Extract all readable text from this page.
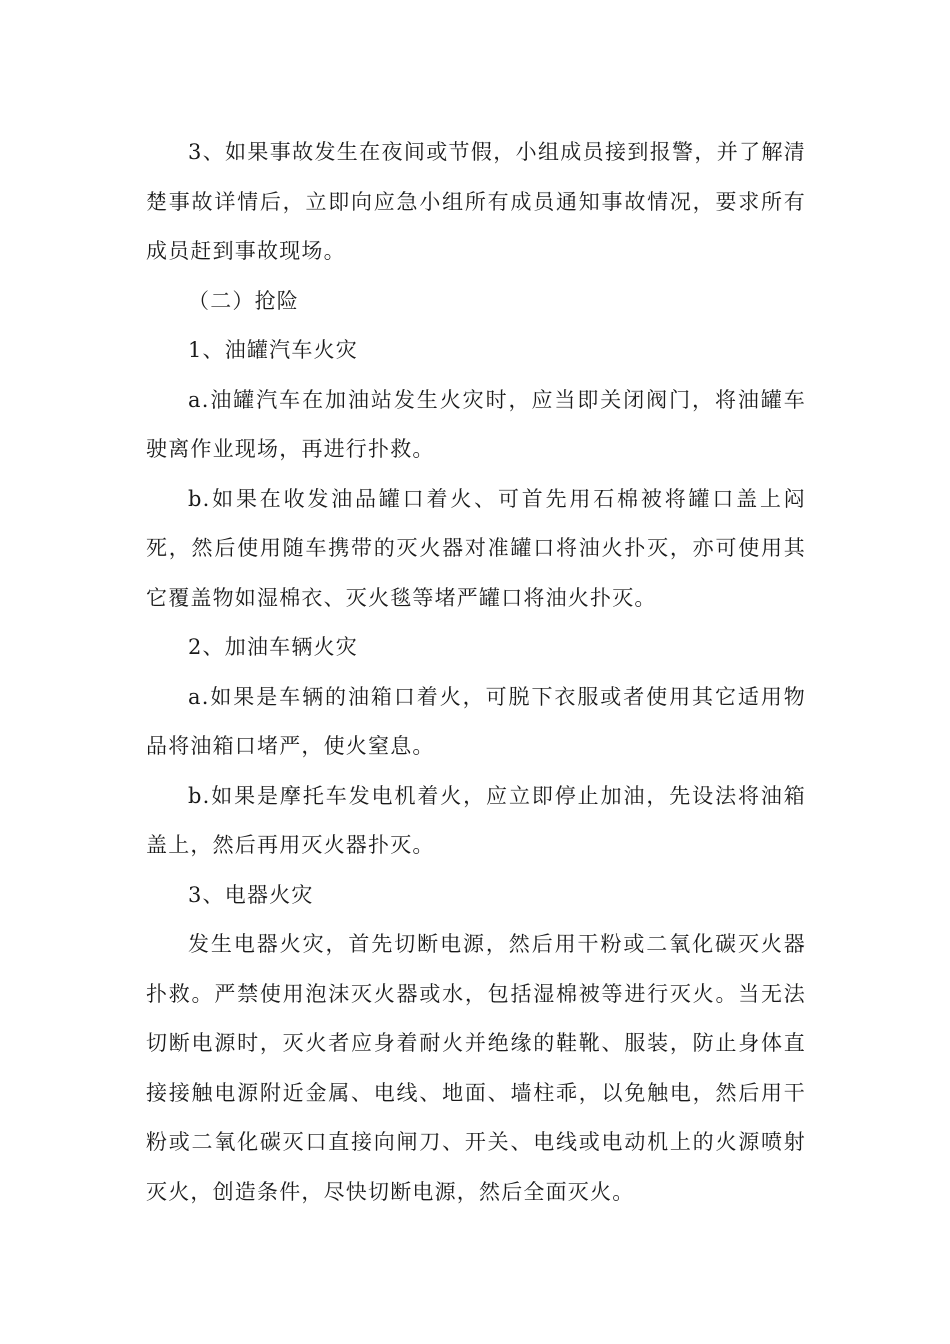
3、如果事故发生在夜间或节假，小组成员接到报警，并了解清楚事故详情后，立即向应急小组所有成员通知事故情况，要求所有成员赶到事故现场。

（二）抢险

1、油罐汽车火灾

a.油罐汽车在加油站发生火灾时，应当即关闭阀门，将油罐车驶离作业现场，再进行扑救。

b.如果在收发油品罐口着火、可首先用石棉被将罐口盖上闷死，然后使用随车携带的灭火器对准罐口将油火扑灭，亦可使用其它覆盖物如湿棉衣、灭火毯等堵严罐口将油火扑灭。

2、加油车辆火灾

a.如果是车辆的油箱口着火，可脱下衣服或者使用其它适用物品将油箱口堵严，使火窒息。

b.如果是摩托车发电机着火，应立即停止加油，先设法将油箱盖上，然后再用灭火器扑灭。

3、电器火灾

发生电器火灾，首先切断电源，然后用干粉或二氧化碳灭火器扑救。严禁使用泡沫灭火器或水，包括湿棉被等进行灭火。当无法切断电源时，灭火者应身着耐火并绝缘的鞋靴、服装，防止身体直接接触电源附近金属、电线、地面、墙柱乖，以免触电，然后用干粉或二氧化碳灭口直接向闸刀、开关、电线或电动机上的火源喷射灭火，创造条件，尽快切断电源，然后全面灭火。
